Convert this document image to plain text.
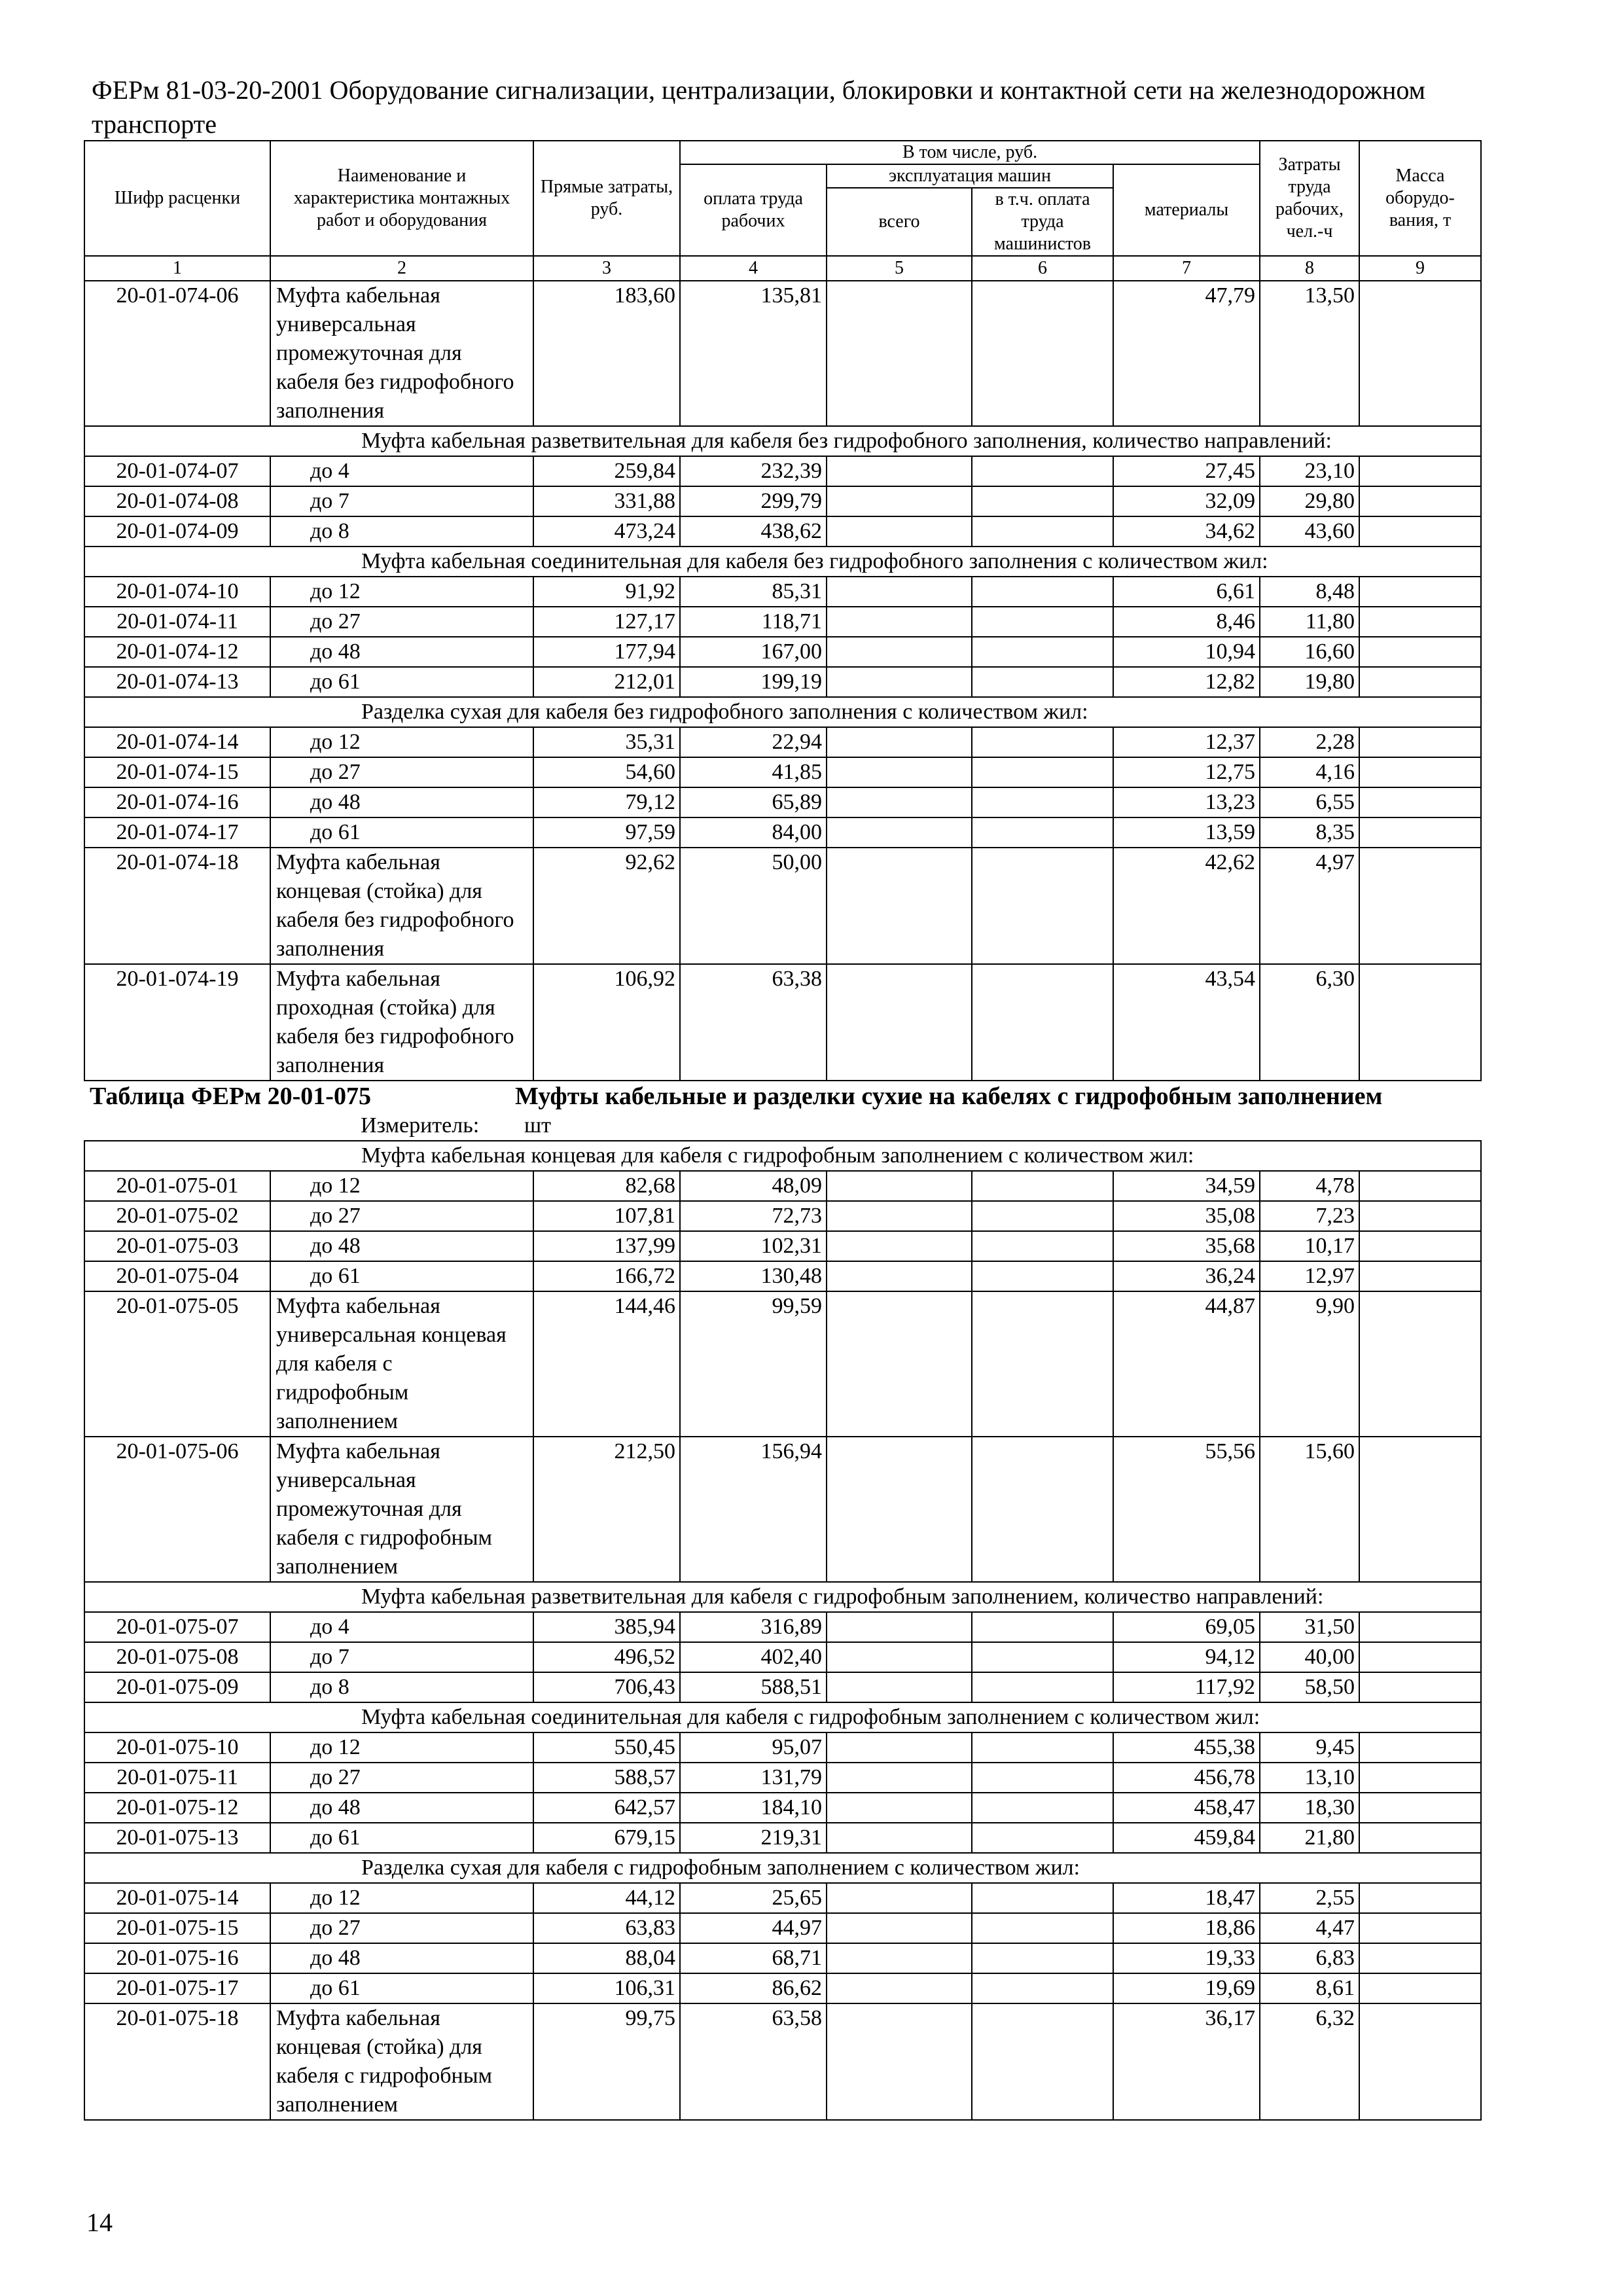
ФЕРм 81-03-20-2001 Оборудование сигнализации, централизации, блокировки и контактной сети на железнодорожном транспорте
Шифр расценки	Наименование и характеристика монтажных работ и оборудования	Прямые затраты, руб.	В том числе, руб.				Затраты труда рабочих, чел.-ч	Масса оборудо-вания, т
			оплата труда рабочих	эксплуатация машин		материалы		
				всего	в т.ч. оплата труда машинистов			
1	2	3	4	5	6	7	8	9
20-01-074-06	Муфта кабельная универсальная промежуточная для кабеля без гидрофобного заполнения	183,60	135,81			47,79	13,50	
Муфта кабельная разветвительная для кабеля без гидрофобного заполнения, количество направлений:								
20-01-074-07	до 4	259,84	232,39			27,45	23,10	
20-01-074-08	до 7	331,88	299,79			32,09	29,80	
20-01-074-09	до 8	473,24	438,62			34,62	43,60	
Муфта кабельная соединительная для кабеля без гидрофобного заполнения с количеством жил:								
20-01-074-10	до 12	91,92	85,31			6,61	8,48	
20-01-074-11	до 27	127,17	118,71			8,46	11,80	
20-01-074-12	до 48	177,94	167,00			10,94	16,60	
20-01-074-13	до 61	212,01	199,19			12,82	19,80	
Разделка сухая для кабеля без гидрофобного заполнения с количеством жил:								
20-01-074-14	до 12	35,31	22,94			12,37	2,28	
20-01-074-15	до 27	54,60	41,85			12,75	4,16	
20-01-074-16	до 48	79,12	65,89			13,23	6,55	
20-01-074-17	до 61	97,59	84,00			13,59	8,35	
20-01-074-18	Муфта кабельная концевая (стойка) для кабеля без гидрофобного заполнения	92,62	50,00			42,62	4,97	
20-01-074-19	Муфта кабельная проходная (стойка) для кабеля без гидрофобного заполнения	106,92	63,38			43,54	6,30	
Таблица ФЕРм 20-01-075 Муфты кабельные и разделки сухие на кабелях с гидрофобным заполнением								
Измеритель: шт								
Муфта кабельная концевая для кабеля с гидрофобным заполнением с количеством жил:								
20-01-075-01	до 12	82,68	48,09			34,59	4,78	
20-01-075-02	до 27	107,81	72,73			35,08	7,23	
20-01-075-03	до 48	137,99	102,31			35,68	10,17	
20-01-075-04	до 61	166,72	130,48			36,24	12,97	
20-01-075-05	Муфта кабельная универсальная концевая для кабеля с гидрофобным заполнением	144,46	99,59			44,87	9,90	
20-01-075-06	Муфта кабельная универсальная промежуточная для кабеля с гидрофобным заполнением	212,50	156,94			55,56	15,60	
Муфта кабельная разветвительная для кабеля с гидрофобным заполнением, количество направлений:								
20-01-075-07	до 4	385,94	316,89			69,05	31,50	
20-01-075-08	до 7	496,52	402,40			94,12	40,00	
20-01-075-09	до 8	706,43	588,51			117,92	58,50	
Муфта кабельная соединительная для кабеля с гидрофобным заполнением с количеством жил:								
20-01-075-10	до 12	550,45	95,07			455,38	9,45	
20-01-075-11	до 27	588,57	131,79			456,78	13,10	
20-01-075-12	до 48	642,57	184,10			458,47	18,30	
20-01-075-13	до 61	679,15	219,31			459,84	21,80	
Разделка сухая для кабеля с гидрофобным заполнением с количеством жил:								
20-01-075-14	до 12	44,12	25,65			18,47	2,55	
20-01-075-15	до 27	63,83	44,97			18,86	4,47	
20-01-075-16	до 48	88,04	68,71			19,33	6,83	
20-01-075-17	до 61	106,31	86,62			19,69	8,61	
20-01-075-18	Муфта кабельная концевая (стойка) для кабеля с гидрофобным заполнением	99,75	63,58			36,17	6,32	
14
